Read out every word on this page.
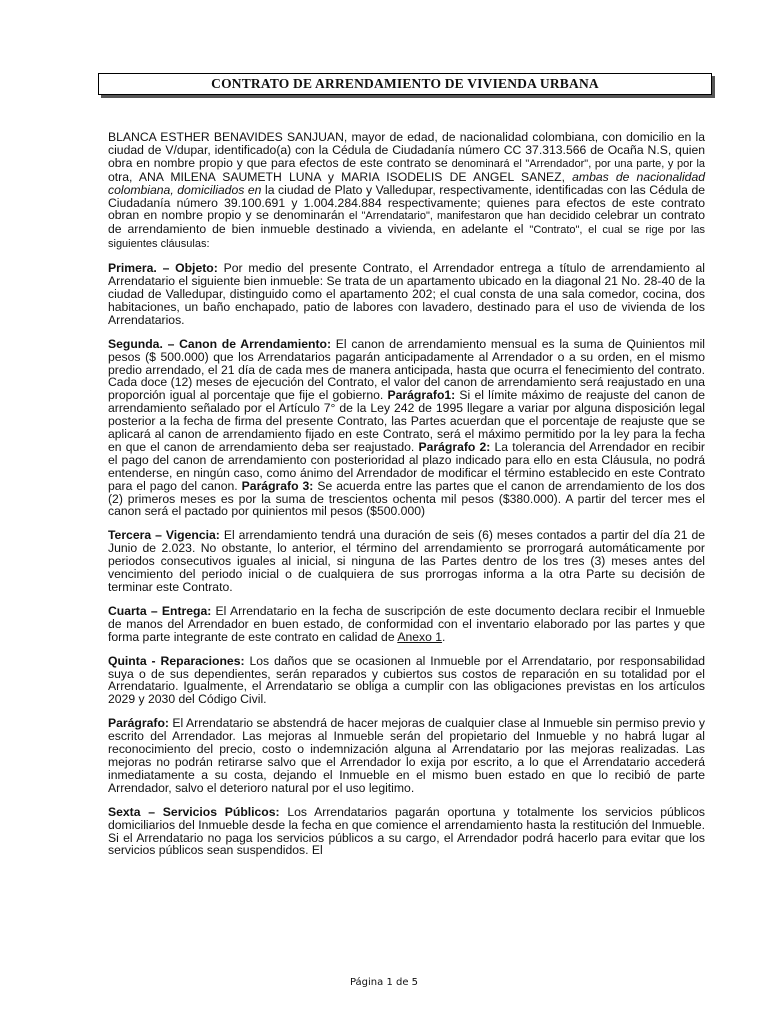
CONTRATO DE ARRENDAMIENTO DE VIVIENDA URBANA

BLANCA ESTHER BENAVIDES SANJUAN, mayor de edad, de nacionalidad colombiana, con domicilio en la ciudad de V/dupar, identificado(a) con la Cédula de Ciudadanía número CC 37.313.566 de Ocaña N.S, quien obra en nombre propio y que para efectos de este contrato se denominará el "Arrendador", por una parte, y por la otra, ANA MILENA SAUMETH LUNA y MARIA ISODELIS DE ANGEL SANEZ, ambas de nacionalidad colombiana, domiciliados en la ciudad de Plato y Valledupar, respectivamente, identificadas con las Cédula de Ciudadanía número 39.100.691 y 1.004.284.884 respectivamente; quienes para efectos de este contrato obran en nombre propio y se denominarán el "Arrendatario", manifestaron que han decidido celebrar un contrato de arrendamiento de bien inmueble destinado a vivienda, en adelante el "Contrato", el cual se rige por las siguientes cláusulas:

Primera. – Objeto: Por medio del presente Contrato, el Arrendador entrega a título de arrendamiento al Arrendatario el siguiente bien inmueble: Se trata de un apartamento ubicado en la diagonal 21 No. 28-40 de la ciudad de Valledupar, distinguido como el apartamento 202; el cual consta de una sala comedor, cocina, dos habitaciones, un baño enchapado, patio de labores con lavadero, destinado para el uso de vivienda de los Arrendatarios.

Segunda. – Canon de Arrendamiento: El canon de arrendamiento mensual es la suma de Quinientos mil pesos ($ 500.000) que los Arrendatarios pagarán anticipadamente al Arrendador o a su orden, en el mismo predio arrendado, el 21 día de cada mes de manera anticipada, hasta que ocurra el fenecimiento del contrato. Cada doce (12) meses de ejecución del Contrato, el valor del canon de arrendamiento será reajustado en una proporción igual al porcentaje que fije el gobierno. Parágrafo1: Si el límite máximo de reajuste del canon de arrendamiento señalado por el Artículo 7° de la Ley 242 de 1995 llegare a variar por alguna disposición legal posterior a la fecha de firma del presente Contrato, las Partes acuerdan que el porcentaje de reajuste que se aplicará al canon de arrendamiento fijado en este Contrato, será el máximo permitido por la ley para la fecha en que el canon de arrendamiento deba ser reajustado. Parágrafo 2: La tolerancia del Arrendador en recibir el pago del canon de arrendamiento con posterioridad al plazo indicado para ello en esta Cláusula, no podrá entenderse, en ningún caso, como ánimo del Arrendador de modificar el término establecido en este Contrato para el pago del canon. Parágrafo 3: Se acuerda entre las partes que el canon de arrendamiento de los dos (2) primeros meses es por la suma de trescientos ochenta mil pesos ($380.000). A partir del tercer mes el canon será el pactado por quinientos mil pesos ($500.000)

Tercera – Vigencia: El arrendamiento tendrá una duración de seis (6) meses contados a partir del día 21 de Junio de 2.023. No obstante, lo anterior, el término del arrendamiento se prorrogará automáticamente por periodos consecutivos iguales al inicial, si ninguna de las Partes dentro de los tres (3) meses antes del vencimiento del periodo inicial o de cualquiera de sus prorrogas informa a la otra Parte su decisión de terminar este Contrato.

Cuarta – Entrega: El Arrendatario en la fecha de suscripción de este documento declara recibir el Inmueble de manos del Arrendador en buen estado, de conformidad con el inventario elaborado por las partes y que forma parte integrante de este contrato en calidad de Anexo 1.

Quinta - Reparaciones: Los daños que se ocasionen al Inmueble por el Arrendatario, por responsabilidad suya o de sus dependientes, serán reparados y cubiertos sus costos de reparación en su totalidad por el Arrendatario. Igualmente, el Arrendatario se obliga a cumplir con las obligaciones previstas en los artículos 2029 y 2030 del Código Civil.

Parágrafo: El Arrendatario se abstendrá de hacer mejoras de cualquier clase al Inmueble sin permiso previo y escrito del Arrendador. Las mejoras al Inmueble serán del propietario del Inmueble y no habrá lugar al reconocimiento del precio, costo o indemnización alguna al Arrendatario por las mejoras realizadas. Las mejoras no podrán retirarse salvo que el Arrendador lo exija por escrito, a lo que el Arrendatario accederá inmediatamente a su costa, dejando el Inmueble en el mismo buen estado en que lo recibió de parte Arrendador, salvo el deterioro natural por el uso legitimo.

Sexta – Servicios Públicos: Los Arrendatarios pagarán oportuna y totalmente los servicios públicos domiciliarios del Inmueble desde la fecha en que comience el arrendamiento hasta la restitución del Inmueble. Si el Arrendatario no paga los servicios públicos a su cargo, el Arrendador podrá hacerlo para evitar que los servicios públicos sean suspendidos. El

Página 1 de 5
